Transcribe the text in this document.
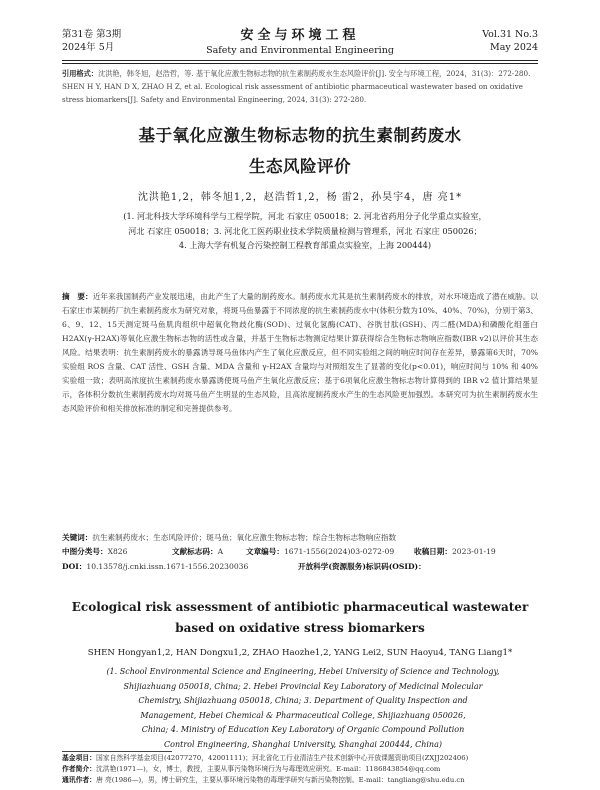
第31卷 第3期
2024年 5月
安全与环境工程
Safety and Environmental Engineering
Vol.31 No.3
May 2024
引用格式：沈洪艳，韩冬旭，赵浩哲，等. 基于氧化应激生物标志物的抗生素制药废水生态风险评价[J]. 安全与环境工程，2024，31(3)：272-280.
SHEN H Y, HAN D X, ZHAO H Z, et al. Ecological risk assessment of antibiotic pharmaceutical wastewater based on oxidative stress biomarkers[J]. Safety and Environmental Engineering, 2024, 31(3): 272-280.
基于氧化应激生物标志物的抗生素制药废水
生态风险评价
沈洪艳1,2，韩冬旭1,2，赵浩哲1,2，杨 雷2，孙昊宇4，唐 亮1*
(1. 河北科技大学环境科学与工程学院，河北 石家庄 050018；2. 河北省药用分子化学重点实验室，
河北 石家庄 050018；3. 河北化工医药职业技术学院质量检测与管理系，河北 石家庄 050026；
4. 上海大学有机复合污染控制工程教育部重点实验室，上海 200444)
摘　要：近年来我国制药产业发展迅速，由此产生了大量的制药废水。制药废水尤其是抗生素制药废水的排放，对水环境造成了潜在威胁。以石家庄市某制药厂抗生素制药废水为研究对象，将斑马鱼暴露于不同浓度的抗生素制药废水中(体积分数为10%、40%、70%)，分别于第3、6、9、12、15天测定斑马鱼肌肉组织中超氧化物歧化酶(SOD)、过氧化氢酶(CAT)、谷胱甘肽(GSH)、丙二醛(MDA)和磷酸化组蛋白H2AX(γ-H2AX)等氧化应激生物标志物的活性或含量，并基于生物标志物测定结果计算获得综合生物标志物响应指数(IBR v2)以评价其生态风险。结果表明：抗生素制药废水的暴露诱导斑马鱼体内产生了氧化应激反应，但不同实验组之间的响应时间存在差异，暴露第6天时，70%实验组 ROS 含量、CAT 活性、GSH 含量、MDA 含量和 γ-H2AX 含量均与对照组发生了显著的变化(p<0.01)，响应时间与 10% 和 40% 实验组一致；表明高浓度抗生素制药废水暴露诱使斑马鱼产生氧化应激反应；基于6项氧化应激生物标志物计算得到的 IBR v2 值计算结果显示，各体积分数抗生素制药废水均对斑马鱼产生明显的生态风险，且高浓度制药废水产生的生态风险更加强烈。本研究可为抗生素制药废水生态风险评价和相关排放标准的制定和完善提供参考。
关键词：抗生素制药废水；生态风险评价；斑马鱼；氧化应激生物标志物；综合生物标志物响应指数
中图分类号：X826	文献标志码：A	文章编号：1671-1556(2024)03-0272-09	收稿日期：2023-01-19
DOI：10.13578/j.cnki.issn.1671-1556.20230036	开放科学(资源服务)标识码(OSID)：
Ecological risk assessment of antibiotic pharmaceutical wastewater
based on oxidative stress biomarkers
SHEN Hongyan1,2, HAN Dongxu1,2, ZHAO Haozhe1,2, YANG Lei2, SUN Haoyu4, TANG Liang1*
(1. School Environmental Science and Engineering, Hebei University of Science and Technology,
Shijiazhuang 050018, China; 2. Hebei Provincial Key Laboratory of Medicinal Molecular
Chemistry, Shijiazhuang 050018, China; 3. Department of Quality Inspection and
Management, Hebei Chemical & Pharmaceutical College, Shijiazhuang 050026,
China; 4. Ministry of Education Key Laboratory of Organic Compound Pollution
Control Engineering, Shanghai University, Shanghai 200444, China)
基金项目：国家自然科学基金项目(42077270，42001111)；河北省化工行业清洁生产技术创新中心开放课题资助项目(ZXJJ202406)
作者简介：沈洪艳(1971—)，女，博士，教授，主要从事污染物环境行为与毒理效应研究。E-mail：1186843854@qq.com
通讯作者：唐 亮(1986—)，男，博士研究生，主要从事环境污染物的毒理学研究与新污染物控制。E-mail：tangliang@shu.edu.cn
